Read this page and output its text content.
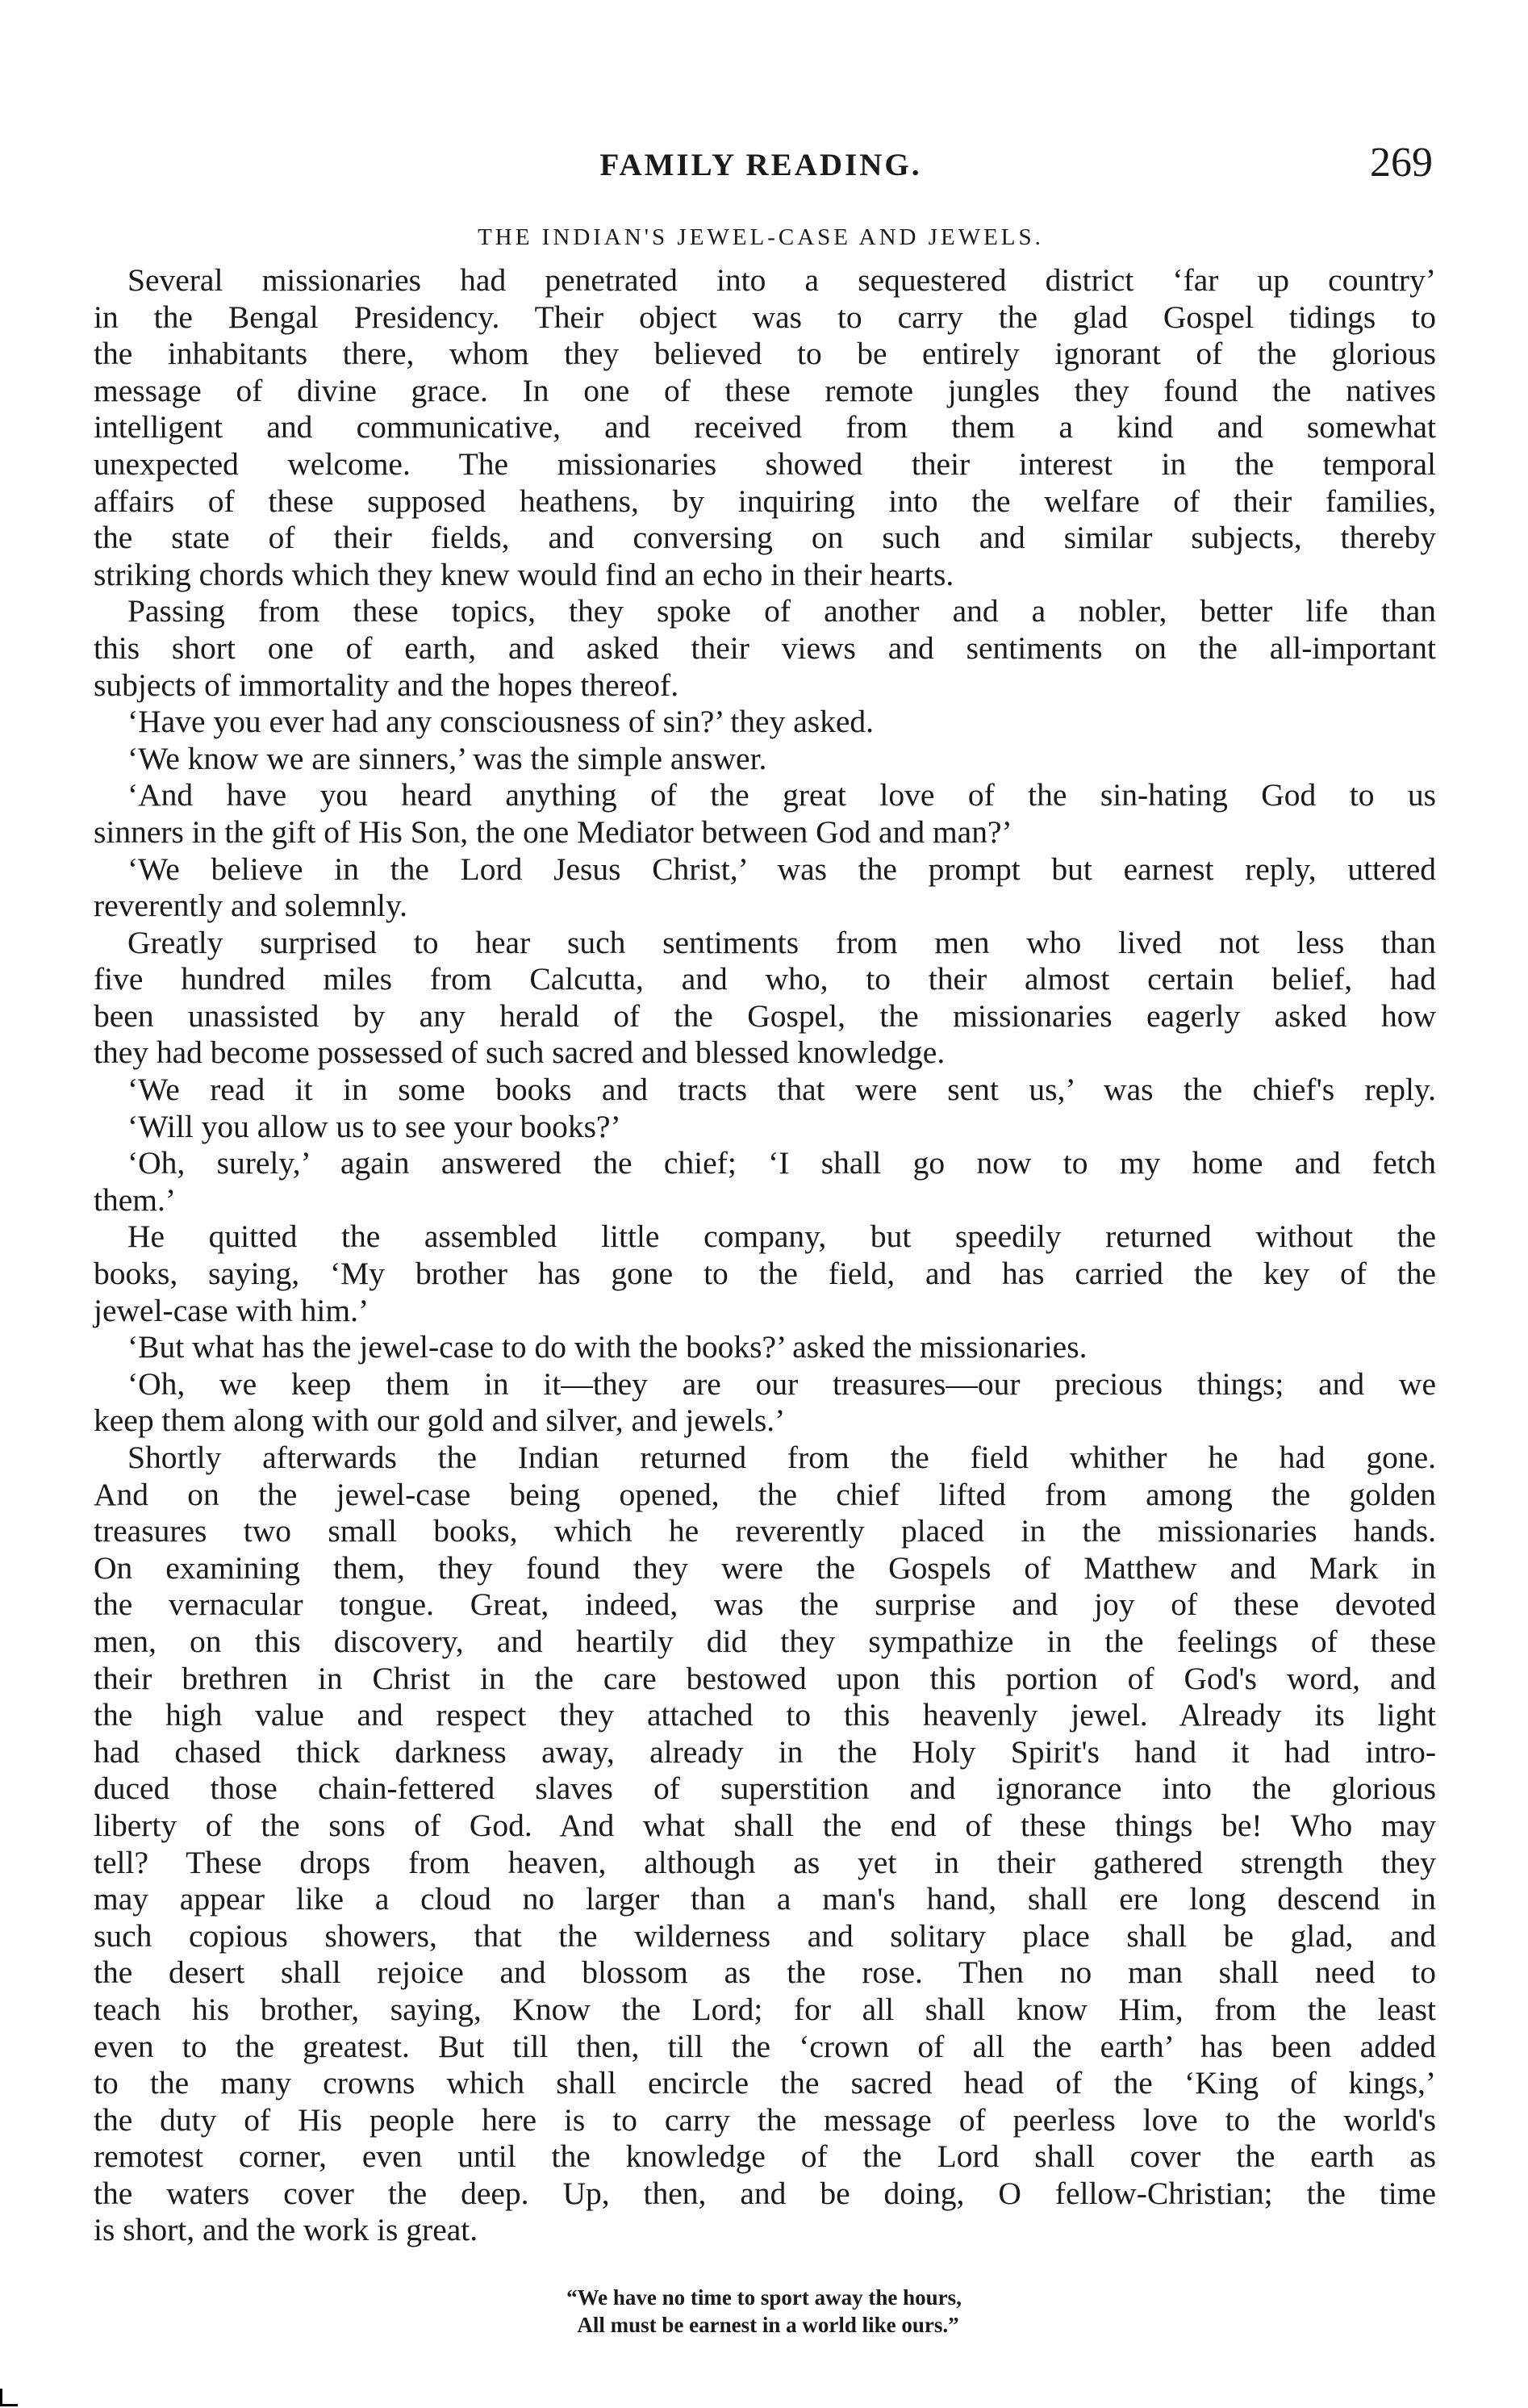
FAMILY READING.	269
THE INDIAN'S JEWEL-CASE AND JEWELS.
Several missionaries had penetrated into a sequestered district ‘far up country’
in the Bengal Presidency. Their object was to carry the glad Gospel tidings to
the inhabitants there, whom they believed to be entirely ignorant of the glorious
message of divine grace. In one of these remote jungles they found the natives
intelligent and communicative, and received from them a kind and somewhat
unexpected welcome. The missionaries showed their interest in the temporal
affairs of these supposed heathens, by inquiring into the welfare of their families,
the state of their fields, and conversing on such and similar subjects, thereby
striking chords which they knew would find an echo in their hearts.
Passing from these topics, they spoke of another and a nobler, better life than
this short one of earth, and asked their views and sentiments on the all-important
subjects of immortality and the hopes thereof.
‘Have you ever had any consciousness of sin?’ they asked.
‘We know we are sinners,’ was the simple answer.
‘And have you heard anything of the great love of the sin-hating God to us
sinners in the gift of His Son, the one Mediator between God and man?’
‘We believe in the Lord Jesus Christ,’ was the prompt but earnest reply, uttered
reverently and solemnly.
Greatly surprised to hear such sentiments from men who lived not less than
five hundred miles from Calcutta, and who, to their almost certain belief, had
been unassisted by any herald of the Gospel, the missionaries eagerly asked how
they had become possessed of such sacred and blessed knowledge.
‘We read it in some books and tracts that were sent us,’ was the chief's reply.
‘Will you allow us to see your books?’
‘Oh, surely,’ again answered the chief; ‘I shall go now to my home and fetch
them.’
He quitted the assembled little company, but speedily returned without the
books, saying, ‘My brother has gone to the field, and has carried the key of the
jewel-case with him.’
‘But what has the jewel-case to do with the books?’ asked the missionaries.
‘Oh, we keep them in it—they are our treasures—our precious things; and we
keep them along with our gold and silver, and jewels.’
Shortly afterwards the Indian returned from the field whither he had gone.
And on the jewel-case being opened, the chief lifted from among the golden
treasures two small books, which he reverently placed in the missionaries hands.
On examining them, they found they were the Gospels of Matthew and Mark in
the vernacular tongue. Great, indeed, was the surprise and joy of these devoted
men, on this discovery, and heartily did they sympathize in the feelings of these
their brethren in Christ in the care bestowed upon this portion of God's word, and
the high value and respect they attached to this heavenly jewel. Already its light
had chased thick darkness away, already in the Holy Spirit's hand it had intro-
duced those chain-fettered slaves of superstition and ignorance into the glorious
liberty of the sons of God. And what shall the end of these things be! Who may
tell? These drops from heaven, although as yet in their gathered strength they
may appear like a cloud no larger than a man's hand, shall ere long descend in
such copious showers, that the wilderness and solitary place shall be glad, and
the desert shall rejoice and blossom as the rose. Then no man shall need to
teach his brother, saying, Know the Lord; for all shall know Him, from the least
even to the greatest. But till then, till the ‘crown of all the earth’ has been added
to the many crowns which shall encircle the sacred head of the ‘King of kings,’
the duty of His people here is to carry the message of peerless love to the world's
remotest corner, even until the knowledge of the Lord shall cover the earth as
the waters cover the deep. Up, then, and be doing, O fellow-Christian; the time
is short, and the work is great.
“We have no time to sport away the hours,
All must be earnest in a world like ours.”
